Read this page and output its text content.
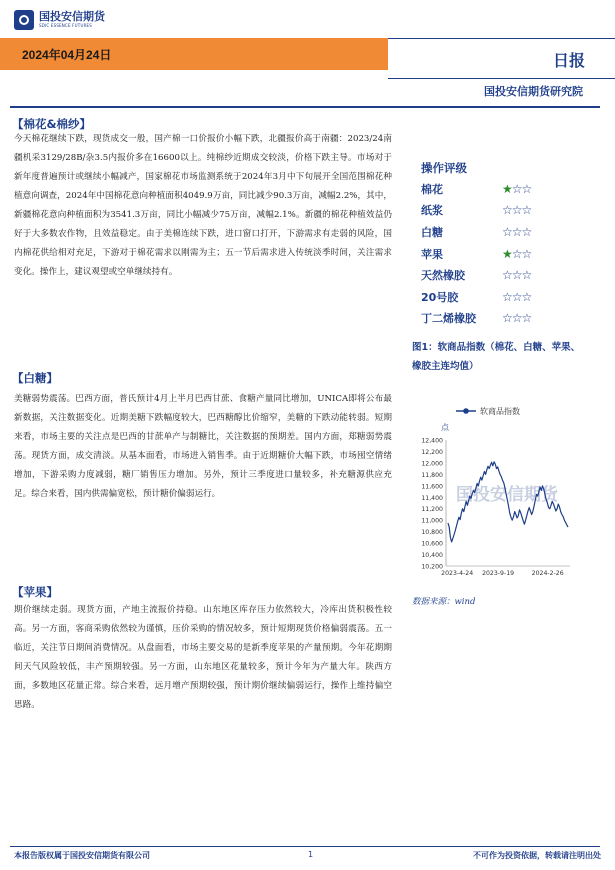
国投安信期货
SDIC ESSENCE FUTURES
2024年04月24日	日报
国投安信期货研究院
【棉花&棉纱】
今天棉花继续下跌，现货成交一般，国产棉一口价报价小幅下跌，北疆报价高于南疆：2023/24南疆机采3129/28B/杂3.5内报价多在16600以上。纯棉纱近期成交较淡，价格下跌主导。市场对于新年度普遍预计或继续小幅减产，国家棉花市场监测系统于2024年3月中下旬展开全国范围棉花种植意向调查，2024年中国棉花意向种植面积4049.9万亩，同比减少90.3万亩，减幅2.2%，其中，新疆棉花意向种植面积为3541.3万亩，同比小幅减少75万亩，减幅2.1%。新疆的棉花种植效益仍好于大多数农作物，且效益稳定。由于美棉连续下跌，进口窗口打开，下游需求有走弱的风险，国内棉花供给相对充足，下游对于棉花需求以刚需为主；五一节后需求进入传统淡季时间，关注需求变化。操作上，建议观望或空单继续持有。
【白糖】
美糖弱势震荡。巴西方面，普氏预计4月上半月巴西甘蔗、食糖产量同比增加，UNICA即将公布最新数据，关注数据变化。近期美糖下跌幅度较大，巴西糖醇比价缩窄，美糖的下跌动能转弱。短期来看，市场主要的关注点是巴西的甘蔗单产与制糖比，关注数据的预期差。国内方面，郑糖弱势震荡。现货方面，成交清淡。从基本面看，市场进入销售季。由于近期糖价大幅下跌，市场囤空情绪增加，下游采购力度减弱，糖厂销售压力增加。另外，预计三季度进口量较多，补充糖源供应充足。综合来看，国内供需偏宽松，预计糖价偏弱运行。
【苹果】
期价继续走弱。现货方面，产地主流报价持稳。山东地区库存压力依然较大，冷库出货积极性较高。另一方面，客商采购依然较为谨慎，压价采购的情况较多，预计短期现货价格偏弱震荡。五一临近，关注节日期间消费情况。从盘面看，市场主要交易的是新季度苹果的产量预期。今年花期期间天气风险较低，丰产预期较强。另一方面，山东地区花量较多，预计今年为产量大年。陕西方面，多数地区花量正常。综合来看，远月增产预期较强，预计期价继续偏弱运行，操作上维持偏空思路。
操作评级
棉花	★☆☆
纸浆	☆☆☆
白糖	☆☆☆
苹果	★☆☆
天然橡胶	☆☆☆
20号胶	☆☆☆
丁二烯橡胶	☆☆☆
图1：软商品指数（棉花、白糖、苹果、橡胶主连均值）
软商品指数
点
国投安信期货
12,400
12,200
12,000
11,800
11,600
11,400
11,200
11,000
10,800
10,600
10,400
10,200
2023-4-24 2023-9-19	2024-2-26
数据来源：wind
本报告版权属于国投安信期货有限公司	1	不可作为投资依据，转载请注明出处
